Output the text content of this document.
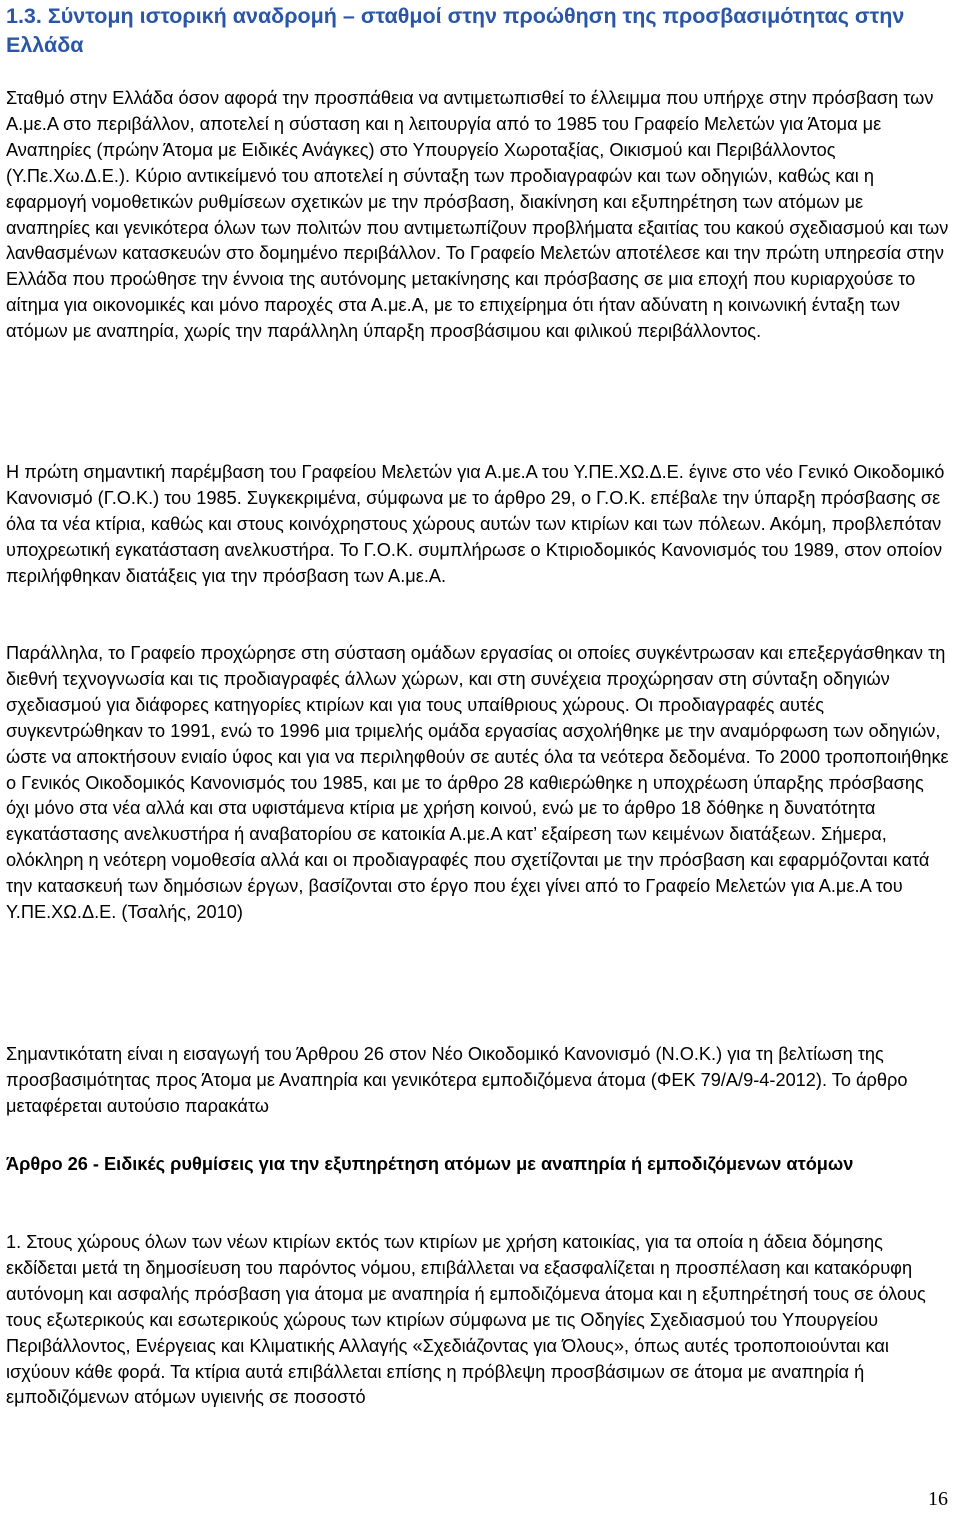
1.3. Σύντομη ιστορική αναδρομή – σταθμοί στην προώθηση της προσβασιμότητας στην Ελλάδα

Σταθμό στην Ελλάδα όσον αφορά την προσπάθεια να αντιμετωπισθεί το έλλειμμα που υπήρχε στην πρόσβαση των Α.με.Α στο περιβάλλον, αποτελεί η σύσταση και η λειτουργία από το 1985 του Γραφείο Μελετών για Άτομα με Αναπηρίες (πρώην Άτομα με Ειδικές Ανάγκες) στο Υπουργείο Χωροταξίας, Οικισμού και Περιβάλλοντος (Υ.Πε.Χω.Δ.Ε.). Κύριο αντικείμενό του αποτελεί η σύνταξη των προδιαγραφών και των οδηγιών, καθώς και η εφαρμογή νομοθετικών ρυθμίσεων σχετικών με την πρόσβαση, διακίνηση και εξυπηρέτηση των ατόμων με αναπηρίες και γενικότερα όλων των πολιτών που αντιμετωπίζουν προβλήματα εξαιτίας του κακού σχεδιασμού και των λανθασμένων κατασκευών στο δομημένο περιβάλλον. Το Γραφείο Μελετών αποτέλεσε και την πρώτη υπηρεσία στην Ελλάδα που προώθησε την έννοια της αυτόνομης μετακίνησης και πρόσβασης σε μια εποχή που κυριαρχούσε το αίτημα για οικονομικές και μόνο παροχές στα Α.με.Α, με το επιχείρημα ότι ήταν αδύνατη η κοινωνική ένταξη των ατόμων με αναπηρία, χωρίς την παράλληλη ύπαρξη προσβάσιμου και φιλικού περιβάλλοντος.

Η πρώτη σημαντική παρέμβαση του Γραφείου Μελετών για Α.με.Α του Υ.ΠΕ.ΧΩ.Δ.Ε. έγινε στο νέο Γενικό Οικοδομικό Κανονισμό (Γ.Ο.Κ.) του 1985. Συγκεκριμένα, σύμφωνα με το άρθρο 29, ο Γ.Ο.Κ. επέβαλε την ύπαρξη πρόσβασης σε όλα τα νέα κτίρια, καθώς και στους κοινόχρηστους χώρους αυτών των κτιρίων και των πόλεων. Ακόμη, προβλεπόταν υποχρεωτική εγκατάσταση ανελκυστήρα. Το Γ.Ο.Κ. συμπλήρωσε ο Κτιριοδομικός Κανονισμός του 1989, στον οποίον περιλήφθηκαν διατάξεις για την πρόσβαση των Α.με.Α.

Παράλληλα, το Γραφείο προχώρησε στη σύσταση ομάδων εργασίας οι οποίες συγκέντρωσαν και επεξεργάσθηκαν τη διεθνή τεχνογνωσία και τις προδιαγραφές άλλων χώρων, και στη συνέχεια προχώρησαν στη σύνταξη οδηγιών σχεδιασμού για διάφορες κατηγορίες κτιρίων και για τους υπαίθριους χώρους. Οι προδιαγραφές αυτές συγκεντρώθηκαν το 1991, ενώ το 1996 μια τριμελής ομάδα εργασίας ασχολήθηκε με την αναμόρφωση των οδηγιών, ώστε να αποκτήσουν ενιαίο ύφος και για να περιληφθούν σε αυτές όλα τα νεότερα δεδομένα. Το 2000 τροποποιήθηκε ο Γενικός Οικοδομικός Κανονισμός του 1985, και με το άρθρο 28 καθιερώθηκε η υποχρέωση ύπαρξης πρόσβασης όχι μόνο στα νέα αλλά και στα υφιστάμενα κτίρια με χρήση κοινού, ενώ με το άρθρο 18 δόθηκε η δυνατότητα εγκατάστασης ανελκυστήρα ή αναβατορίου σε κατοικία Α.με.Α κατ’ εξαίρεση των κειμένων διατάξεων. Σήμερα, ολόκληρη η νεότερη νομοθεσία αλλά και οι προδιαγραφές που σχετίζονται με την πρόσβαση και εφαρμόζονται κατά την κατασκευή των δημόσιων έργων, βασίζονται στο έργο που έχει γίνει από το Γραφείο Μελετών για Α.με.Α του Υ.ΠΕ.ΧΩ.Δ.Ε. (Τσαλής, 2010)

Σημαντικότατη είναι η εισαγωγή του Άρθρου 26 στον Νέο Οικοδομικό Κανονισμό (Ν.Ο.Κ.) για τη βελτίωση της προσβασιμότητας προς Άτομα με Αναπηρία και γενικότερα εμποδιζόμενα άτομα (ΦΕΚ 79/Α/9-4-2012). Το άρθρο μεταφέρεται αυτούσιο παρακάτω

Άρθρο 26 - Ειδικές ρυθμίσεις για την εξυπηρέτηση ατόμων με αναπηρία ή εμποδιζόμενων ατόμων

1. Στους χώρους όλων των νέων κτιρίων εκτός των κτιρίων με χρήση κατοικίας, για τα οποία η άδεια δόμησης εκδίδεται μετά τη δημοσίευση του παρόντος νόμου, επιβάλλεται να εξασφαλίζεται η προσπέλαση και κατακόρυφη αυτόνομη και ασφαλής πρόσβαση για άτομα με αναπηρία ή εμποδιζόμενα άτομα και η εξυπηρέτησή τους σε όλους τους εξωτερικούς και εσωτερικούς χώρους των κτιρίων σύμφωνα με τις Οδηγίες Σχεδιασμού του Υπουργείου Περιβάλλοντος, Ενέργειας και Κλιματικής Αλλαγής «Σχεδιάζοντας για Όλους», όπως αυτές τροποποιούνται και ισχύουν κάθε φορά. Τα κτίρια αυτά επιβάλλεται επίσης η πρόβλεψη προσβάσιμων σε άτομα με αναπηρία ή εμποδιζόμενων ατόμων υγιεινής σε ποσοστό

16
